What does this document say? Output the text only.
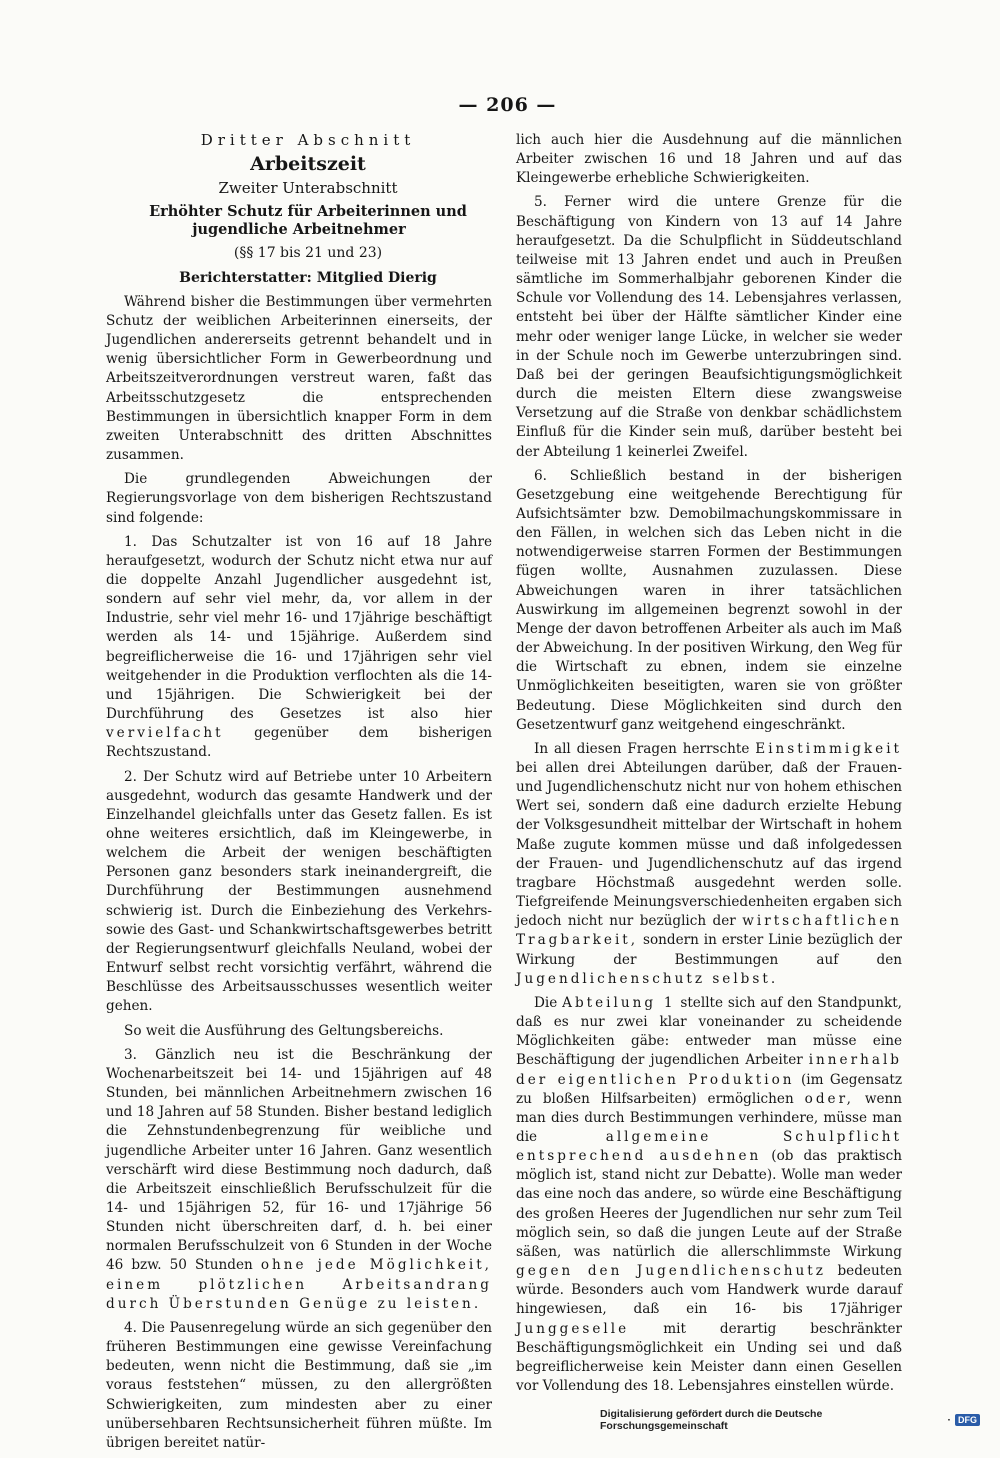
— 206 —

Dritter Abschnitt

Arbeitszeit

Zweiter Unterabschnitt

Erhöhter Schutz für Arbeiterinnen und jugendliche Arbeitnehmer

(§§ 17 bis 21 und 23)

Berichterstatter: Mitglied Dierig

Während bisher die Bestimmungen über vermehrten Schutz der weiblichen Arbeiterinnen einerseits, der Jugendlichen andererseits getrennt behandelt und in wenig übersichtlicher Form in Gewerbeordnung und Arbeitszeitverordnungen verstreut waren, faßt das Arbeitsschutzgesetz die entsprechenden Bestimmungen in übersichtlich knapper Form in dem zweiten Unterabschnitt des dritten Abschnittes zusammen.

Die grundlegenden Abweichungen der Regierungsvorlage von dem bisherigen Rechtszustand sind folgende:

1. Das Schutzalter ist von 16 auf 18 Jahre heraufgesetzt, wodurch der Schutz nicht etwa nur auf die doppelte Anzahl Jugendlicher ausgedehnt ist, sondern auf sehr viel mehr, da, vor allem in der Industrie, sehr viel mehr 16- und 17jährige beschäftigt werden als 14- und 15jährige. Außerdem sind begreiflicherweise die 16- und 17jährigen sehr viel weitgehender in die Produktion verflochten als die 14- und 15jährigen. Die Schwierigkeit bei der Durchführung des Gesetzes ist also hier vervielfacht gegenüber dem bisherigen Rechtszustand.

2. Der Schutz wird auf Betriebe unter 10 Arbeitern ausgedehnt, wodurch das gesamte Handwerk und der Einzelhandel gleichfalls unter das Gesetz fallen. Es ist ohne weiteres ersichtlich, daß im Kleingewerbe, in welchem die Arbeit der wenigen beschäftigten Personen ganz besonders stark ineinandergreift, die Durchführung der Bestimmungen ausnehmend schwierig ist. Durch die Einbeziehung des Verkehrs- sowie des Gast- und Schankwirtschaftsgewerbes betritt der Regierungsentwurf gleichfalls Neuland, wobei der Entwurf selbst recht vorsichtig verfährt, während die Beschlüsse des Arbeitsausschusses wesentlich weiter gehen.

So weit die Ausführung des Geltungsbereichs.

3. Gänzlich neu ist die Beschränkung der Wochenarbeitszeit bei 14- und 15jährigen auf 48 Stunden, bei männlichen Arbeitnehmern zwischen 16 und 18 Jahren auf 58 Stunden. Bisher bestand lediglich die Zehnstundenbegrenzung für weibliche und jugendliche Arbeiter unter 16 Jahren. Ganz wesentlich verschärft wird diese Bestimmung noch dadurch, daß die Arbeitszeit einschließlich Berufsschulzeit für die 14- und 15jährigen 52, für 16- und 17jährige 56 Stunden nicht überschreiten darf, d. h. bei einer normalen Berufsschulzeit von 6 Stunden in der Woche 46 bzw. 50 Stunden ohne jede Möglichkeit, einem plötzlichen Arbeitsandrang durch Überstunden Genüge zu leisten.

4. Die Pausenregelung würde an sich gegenüber den früheren Bestimmungen eine gewisse Vereinfachung bedeuten, wenn nicht die Bestimmung, daß sie „im voraus feststehen“ müssen, zu den allergrößten Schwierigkeiten, zum mindesten aber zu einer unübersehbaren Rechtsunsicherheit führen müßte. Im übrigen bereitet natür-

lich auch hier die Ausdehnung auf die männlichen Arbeiter zwischen 16 und 18 Jahren und auf das Kleingewerbe erhebliche Schwierigkeiten.

5. Ferner wird die untere Grenze für die Beschäftigung von Kindern von 13 auf 14 Jahre heraufgesetzt. Da die Schulpflicht in Süddeutschland teilweise mit 13 Jahren endet und auch in Preußen sämtliche im Sommerhalbjahr geborenen Kinder die Schule vor Vollendung des 14. Lebensjahres verlassen, entsteht bei über der Hälfte sämtlicher Kinder eine mehr oder weniger lange Lücke, in welcher sie weder in der Schule noch im Gewerbe unterzubringen sind. Daß bei der geringen Beaufsichtigungsmöglichkeit durch die meisten Eltern diese zwangsweise Versetzung auf die Straße von denkbar schädlichstem Einfluß für die Kinder sein muß, darüber besteht bei der Abteilung 1 keinerlei Zweifel.

6. Schließlich bestand in der bisherigen Gesetzgebung eine weitgehende Berechtigung für Aufsichtsämter bzw. Demobilmachungskommissare in den Fällen, in welchen sich das Leben nicht in die notwendigerweise starren Formen der Bestimmungen fügen wollte, Ausnahmen zuzulassen. Diese Abweichungen waren in ihrer tatsächlichen Auswirkung im allgemeinen begrenzt sowohl in der Menge der davon betroffenen Arbeiter als auch im Maß der Abweichung. In der positiven Wirkung, den Weg für die Wirtschaft zu ebnen, indem sie einzelne Unmöglichkeiten beseitigten, waren sie von größter Bedeutung. Diese Möglichkeiten sind durch den Gesetzentwurf ganz weitgehend eingeschränkt.

In all diesen Fragen herrschte Einstimmigkeit bei allen drei Abteilungen darüber, daß der Frauen- und Jugendlichenschutz nicht nur von hohem ethischen Wert sei, sondern daß eine dadurch erzielte Hebung der Volksgesundheit mittelbar der Wirtschaft in hohem Maße zugute kommen müsse und daß infolgedessen der Frauen- und Jugendlichenschutz auf das irgend tragbare Höchstmaß ausgedehnt werden solle. Tiefgreifende Meinungsverschiedenheiten ergaben sich jedoch nicht nur bezüglich der wirtschaftlichen Tragbarkeit, sondern in erster Linie bezüglich der Wirkung der Bestimmungen auf den Jugendlichenschutz selbst.

Die Abteilung 1 stellte sich auf den Standpunkt, daß es nur zwei klar voneinander zu scheidende Möglichkeiten gäbe: entweder man müsse eine Beschäftigung der jugendlichen Arbeiter innerhalb der eigentlichen Produktion (im Gegensatz zu bloßen Hilfsarbeiten) ermöglichen oder, wenn man dies durch Bestimmungen verhindere, müsse man die	allgemeine Schulpflicht entsprechend ausdehnen (ob das praktisch möglich ist, stand nicht zur Debatte). Wolle man weder das eine noch das andere, so würde eine Beschäftigung des großen Heeres der Jugendlichen nur sehr zum Teil möglich sein, so daß die jungen Leute auf der Straße säßen, was natürlich die allerschlimmste Wirkung gegen den Jugendlichenschutz bedeuten würde. Besonders auch vom Handwerk wurde darauf hingewiesen, daß ein 16- bis 17jähriger Junggeselle	mit derartig beschränkter Beschäftigungsmöglichkeit ein Unding sei und daß begreiflicherweise kein Meister dann einen Gesellen vor Vollendung des 18. Lebensjahres einstellen würde.

Digitalisierung gefördert durch die Deutsche Forschungsgemeinschaft	· DFG
